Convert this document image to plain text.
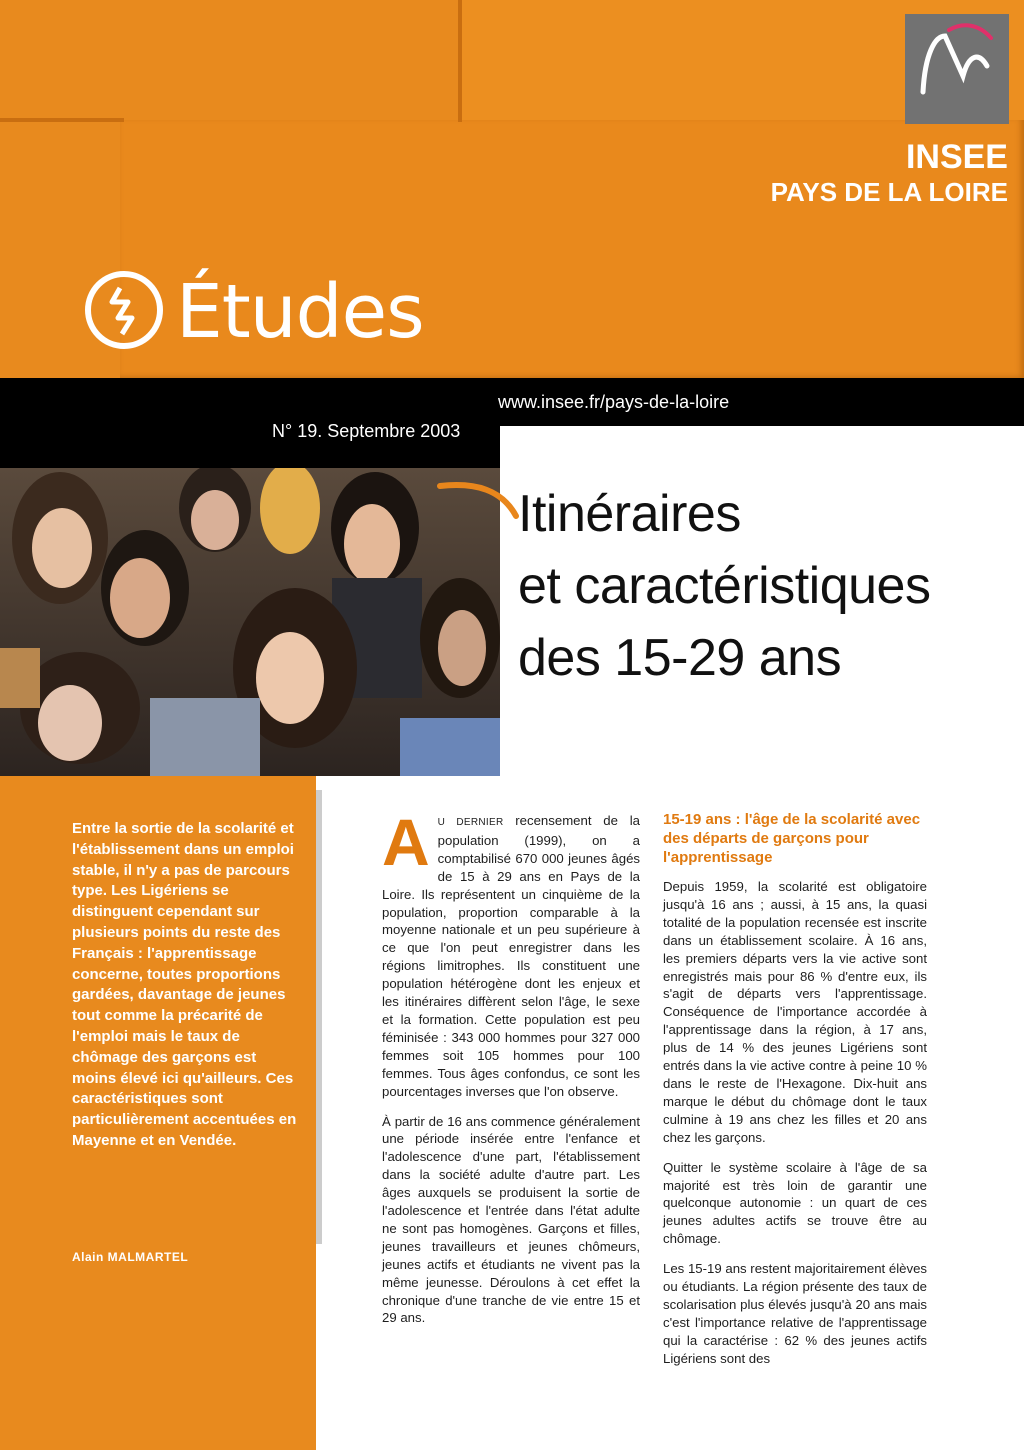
INSEE
PAYS DE LA LOIRE
Études
www.insee.fr/pays-de-la-loire
N° 19. Septembre 2003
Itinéraires
et caractéristiques
des 15-29 ans
Entre la sortie de la scolarité et l'établissement dans un emploi stable, il n'y a pas de parcours type. Les Ligériens se distinguent cependant sur plusieurs points du reste des Français : l'apprentissage concerne, toutes proportions gardées, davantage de jeunes tout comme la précarité de l'emploi mais le taux de chômage des garçons est moins élevé ici qu'ailleurs. Ces caractéristiques sont particulièrement accentuées en Mayenne et en Vendée.
Alain MALMARTEL

A U DERNIER recensement de la population (1999), on a comptabilisé 670 000 jeunes âgés de 15 à 29 ans en Pays de la Loire. Ils représentent un cinquième de la population, proportion comparable à la moyenne nationale et un peu supérieure à ce que l'on peut enregistrer dans les régions limitrophes. Ils constituent une population hétérogène dont les enjeux et les itinéraires diffèrent selon l'âge, le sexe et la formation. Cette population est peu féminisée : 343 000 hommes pour 327 000 femmes soit 105 hommes pour 100 femmes. Tous âges confondus, ce sont les pourcentages inverses que l'on observe.

À partir de 16 ans commence généralement une période insérée entre l'enfance et l'adolescence d'une part, l'établissement dans la société adulte d'autre part. Les âges auxquels se produisent la sortie de l'adolescence et l'entrée dans l'état adulte ne sont pas homogènes. Garçons et filles, jeunes travailleurs et jeunes chômeurs, jeunes actifs et étudiants ne vivent pas la même jeunesse. Déroulons à cet effet la chronique d'une tranche de vie entre 15 et 29 ans.

15-19 ans : l'âge de la scolarité avec des départs de garçons pour l'apprentissage

Depuis 1959, la scolarité est obligatoire jusqu'à 16 ans ; aussi, à 15 ans, la quasi totalité de la population recensée est inscrite dans un établissement scolaire. À 16 ans, les premiers départs vers la vie active sont enregistrés mais pour 86 % d'entre eux, ils s'agit de départs vers l'apprentissage. Conséquence de l'importance accordée à l'apprentissage dans la région, à 17 ans, plus de 14 % des jeunes Ligériens sont entrés dans la vie active contre à peine 10 % dans le reste de l'Hexagone. Dix-huit ans marque le début du chômage dont le taux culmine à 19 ans chez les filles et 20 ans chez les garçons.

Quitter le système scolaire à l'âge de sa majorité est très loin de garantir une quelconque autonomie : un quart de ces jeunes adultes actifs se trouve être au chômage.

Les 15-19 ans restent majoritairement élèves ou étudiants. La région présente des taux de scolarisation plus élevés jusqu'à 20 ans mais c'est l'importance relative de l'apprentissage qui la caractérise : 62 % des jeunes actifs Ligériens sont des
